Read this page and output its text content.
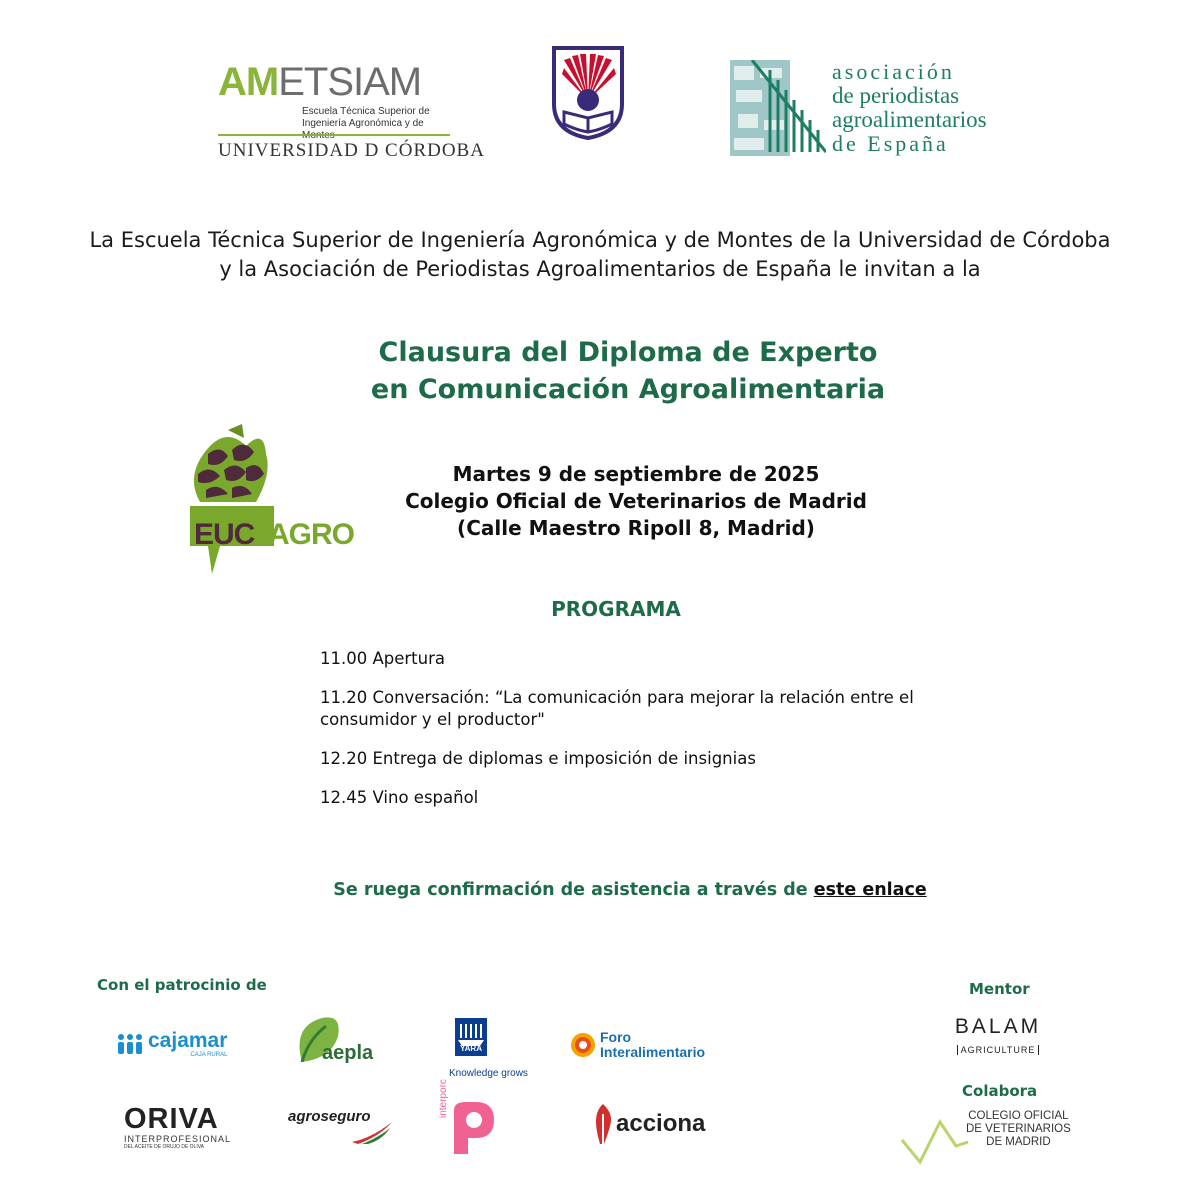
AMETSIAM
Escuela Técnica Superior de
Ingeniería Agronómica y de
UNIVERSIDAD D CÓRDOBA
asociación
de periodistas
agroalimentarios
de España
La Escuela Técnica Superior de Ingeniería Agronómica y de Montes de la Universidad de Córdoba y la Asociación de Periodistas Agroalimentarios de España le invitan a la
Clausura del Diploma de Experto
en Comunicación Agroalimentaria
EUC AGRO
Martes 9 de septiembre de 2025
Colegio Oficial de Veterinarios de Madrid
(Calle Maestro Ripoll 8, Madrid)
PROGRAMA
11.00 Apertura
11.20 Conversación: “La comunicación para mejorar la relación entre el consumidor y el productor"
12.20 Entrega de diplomas e imposición de insignias
12.45 Vino español
Se ruega confirmación de asistencia a través de este enlace
Con el patrocinio de
cajamar
CAJA RURAL	aepla	YARA
Knowledge grows
Foro
Interalimentario
ORIVA
INTERPROFESIONAL
DEL ACEITE DE ORUJO DE OLIVA
agroseguro	interporc
acciona
Mentor
BALAM
AGRICULTURE
Colabora
COLEGIO OFICIAL
DE VETERINARIOS
DE MADRID
